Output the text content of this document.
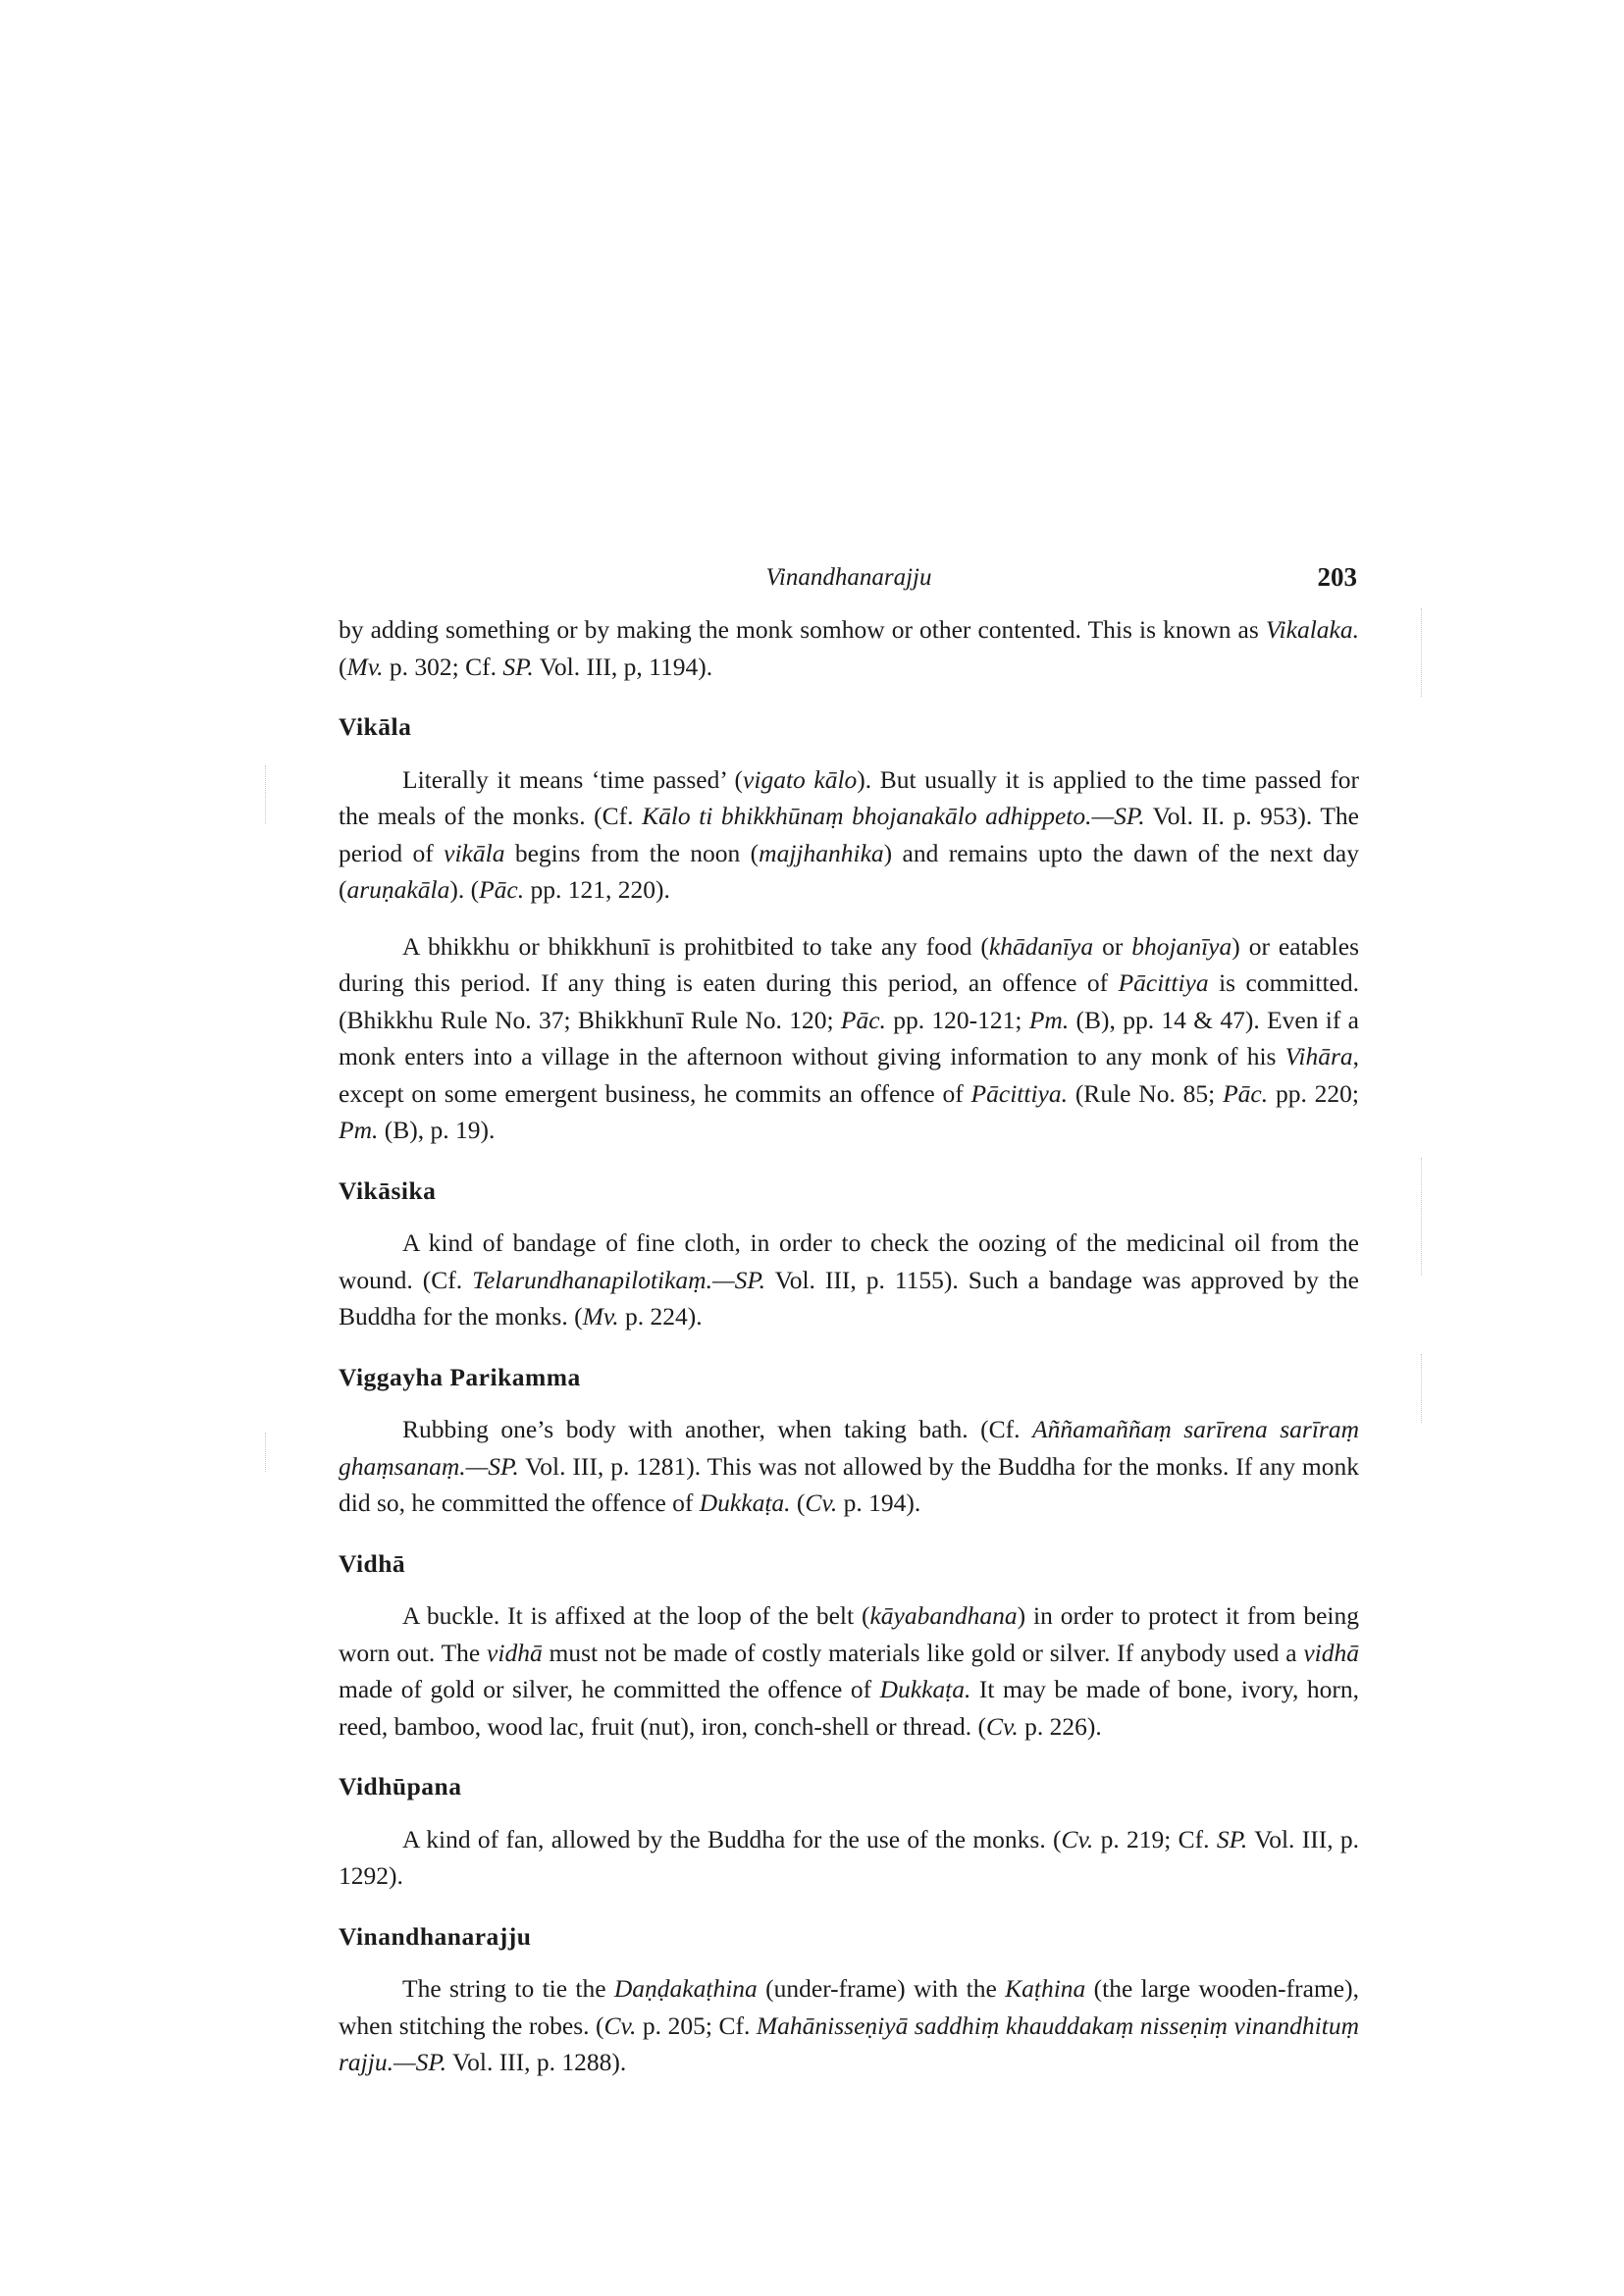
Vinandhanarajju	203

by adding something or by making the monk somhow or other contented. This is known as Vikalaka. (Mv. p. 302; Cf. SP. Vol. III, p, 1194).

Vikāla

Literally it means ‘time passed’ (vigato kālo). But usually it is applied to the time passed for the meals of the monks. (Cf. Kālo ti bhikkhūnaṃ bhojanakālo adhippeto.—SP. Vol. II. p. 953). The period of vikāla begins from the noon (majjhanhika) and remains upto the dawn of the next day (aruṇakāla). (Pāc. pp. 121, 220).

A bhikkhu or bhikkhunī is prohitbited to take any food (khādanīya or bhojanīya) or eatables during this period. If any thing is eaten during this period, an offence of Pācittiya is committed. (Bhikkhu Rule No. 37; Bhikkhunī Rule No. 120; Pāc. pp. 120-121; Pm. (B), pp. 14 & 47). Even if a monk enters into a village in the afternoon without giving information to any monk of his Vihāra, except on some emergent business, he commits an offence of Pācittiya. (Rule No. 85; Pāc. pp. 220; Pm. (B), p. 19).

Vikāsika

A kind of bandage of fine cloth, in order to check the oozing of the medicinal oil from the wound. (Cf. Telarundhanapilotikaṃ.—SP. Vol. III, p. 1155). Such a bandage was approved by the Buddha for the monks. (Mv. p. 224).

Viggayha Parikamma

Rubbing one’s body with another, when taking bath. (Cf. Aññamaññaṃ sarīrena sarīraṃ ghaṃsanaṃ.—SP. Vol. III, p. 1281). This was not allowed by the Buddha for the monks. If any monk did so, he committed the offence of Dukkaṭa. (Cv. p. 194).

Vidhā

A buckle. It is affixed at the loop of the belt (kāyabandhana) in order to protect it from being worn out. The vidhā must not be made of costly materials like gold or silver. If anybody used a vidhā made of gold or silver, he committed the offence of Dukkaṭa. It may be made of bone, ivory, horn, reed, bamboo, wood lac, fruit (nut), iron, conch-shell or thread. (Cv. p. 226).

Vidhūpana

A kind of fan, allowed by the Buddha for the use of the monks. (Cv. p. 219; Cf. SP. Vol. III, p. 1292).

Vinandhanarajju

The string to tie the Daṇḍakaṭhina (under-frame) with the Kaṭhina (the large wooden-frame), when stitching the robes. (Cv. p. 205; Cf. Mahānisseṇiyā saddhiṃ khauddakaṃ nisseṇiṃ vinandhituṃ rajju.—SP. Vol. III, p. 1288).
